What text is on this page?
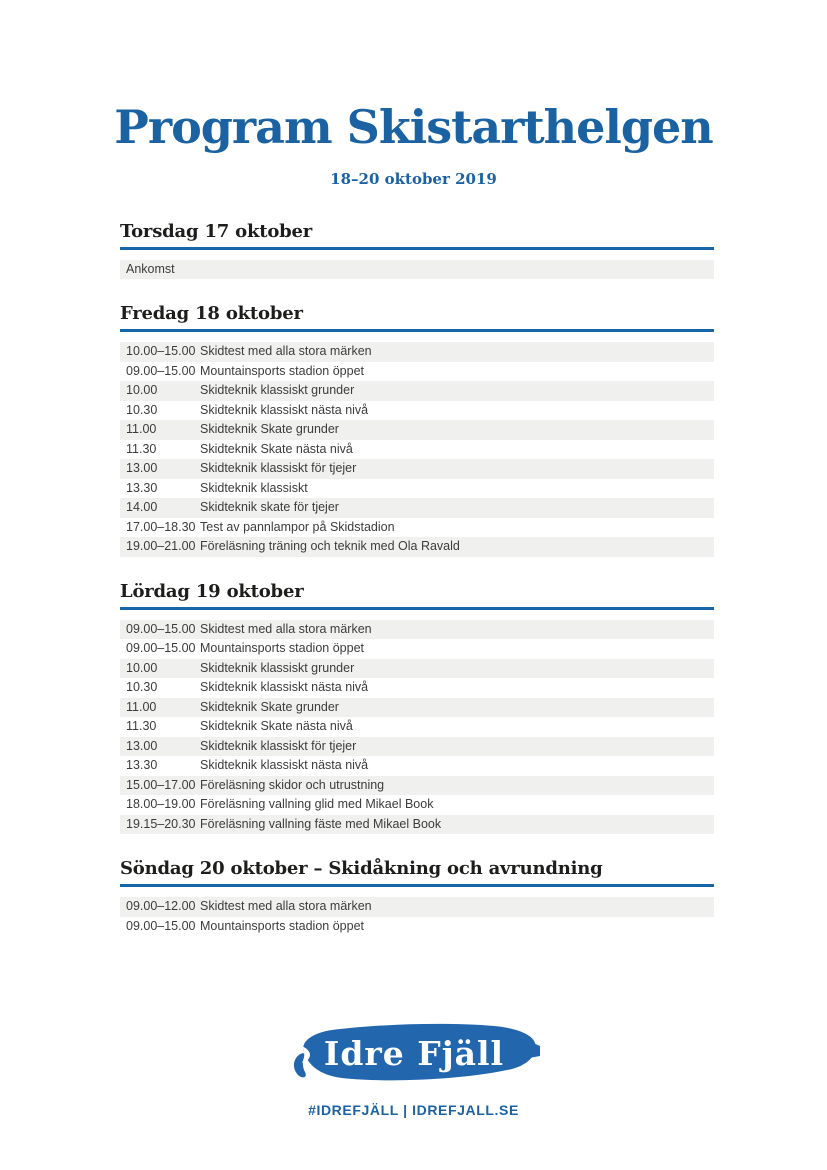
Program Skistarthelgen
18–20 oktober 2019
Torsdag 17 oktober
Ankomst
Fredag 18 oktober
10.00–15.00 Skidtest med alla stora märken
09.00–15.00 Mountainsports stadion öppet
10.00	Skidteknik klassiskt grunder
10.30	Skidteknik klassiskt nästa nivå
11.00	Skidteknik Skate grunder
11.30	Skidteknik Skate nästa nivå
13.00	Skidteknik klassiskt för tjejer
13.30	Skidteknik klassiskt
14.00	Skidteknik skate för tjejer
17.00–18.30 Test av pannlampor på Skidstadion
19.00–21.00 Föreläsning träning och teknik med Ola Ravald
Lördag 19 oktober
09.00–15.00 Skidtest med alla stora märken
09.00–15.00 Mountainsports stadion öppet
10.00	Skidteknik klassiskt grunder
10.30	Skidteknik klassiskt nästa nivå
11.00	Skidteknik Skate grunder
11.30	Skidteknik Skate nästa nivå
13.00	Skidteknik klassiskt för tjejer
13.30	Skidteknik klassiskt nästa nivå
15.00–17.00 Föreläsning skidor och utrustning
18.00–19.00 Föreläsning vallning glid med Mikael Book
19.15–20.30 Föreläsning vallning fäste med Mikael Book
Söndag 20 oktober – Skidåkning och avrundning
09.00–12.00 Skidtest med alla stora märken
09.00–15.00 Mountainsports stadion öppet
Idre Fjäll
#IDREFJÄLL | IDREFJALL.SE
